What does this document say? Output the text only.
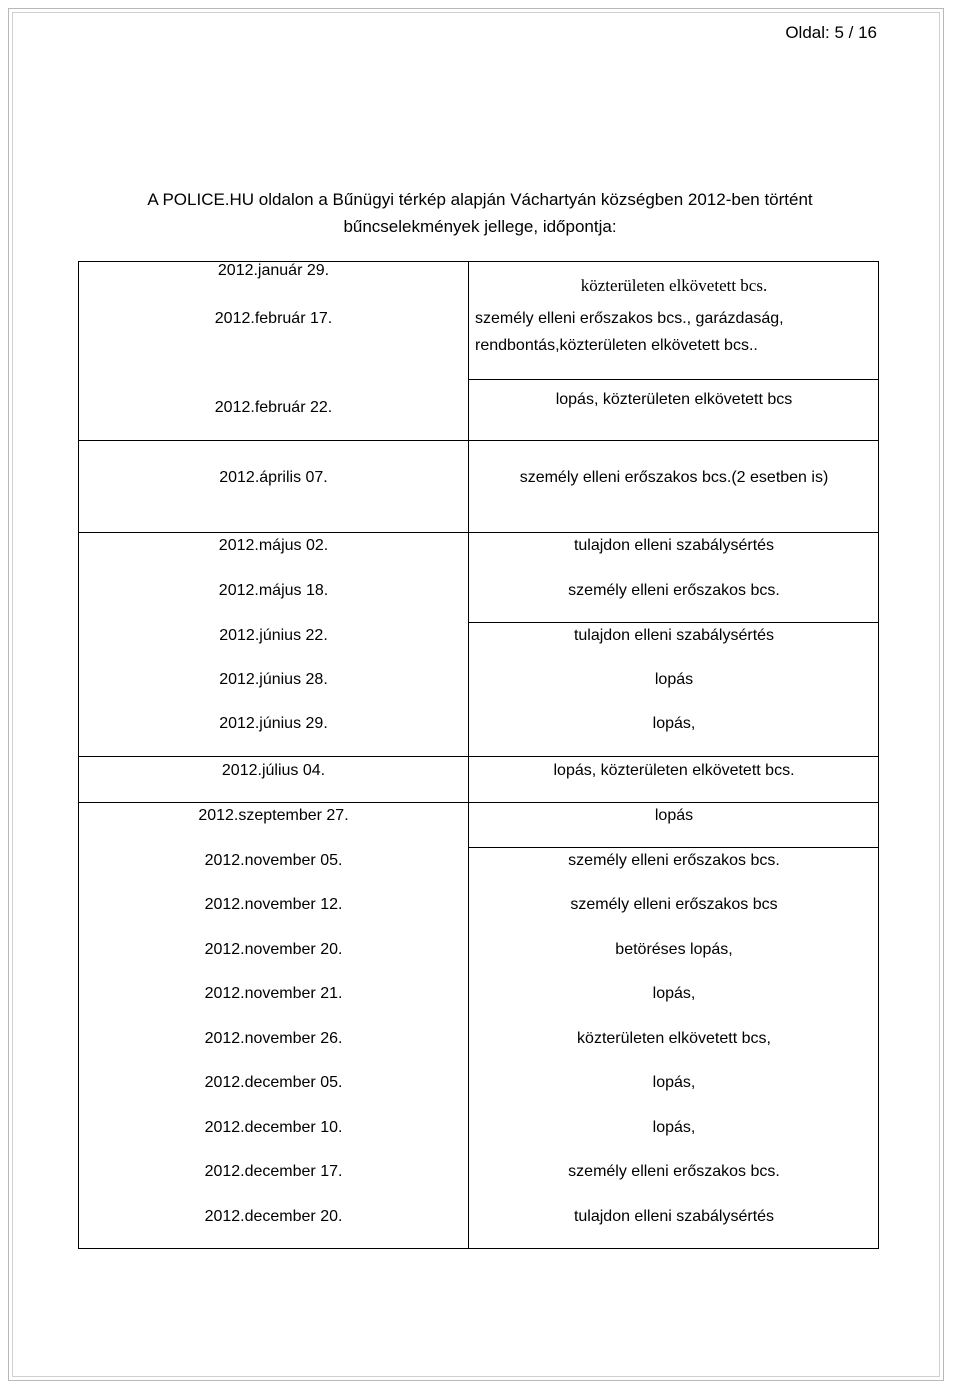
Oldal: 5 / 16
A POLICE.HU oldalon a Bűnügyi térkép alapján Váchartyán községben 2012-ben történt
bűncselekmények jellege, időpontja:
2012.január 29.
2012.február 17.
2012.február 22.
2012.április 07.
2012.május 02.
2012.május 18.
2012.június 22.
2012.június 28.
2012.június 29.
2012.július 04.
2012.szeptember 27.
2012.november 05.
2012.november 12.
2012.november 20.
2012.november 21.
2012.november 26.
2012.december 05.
2012.december 10.
2012.december 17.
2012.december 20.
közterületen elkövetett bcs.
személy elleni erőszakos bcs., garázdaság,
rendbontás,közterületen elkövetett bcs..
lopás, közterületen elkövetett bcs
személy elleni erőszakos bcs.(2 esetben is)
tulajdon elleni szabálysértés
személy elleni erőszakos bcs.
tulajdon elleni szabálysértés
lopás
lopás,
lopás, közterületen elkövetett bcs.
lopás
személy elleni erőszakos bcs.
személy elleni erőszakos bcs
betöréses lopás,
lopás,
közterületen elkövetett bcs,
lopás,
lopás,
személy elleni erőszakos bcs.
tulajdon elleni szabálysértés
